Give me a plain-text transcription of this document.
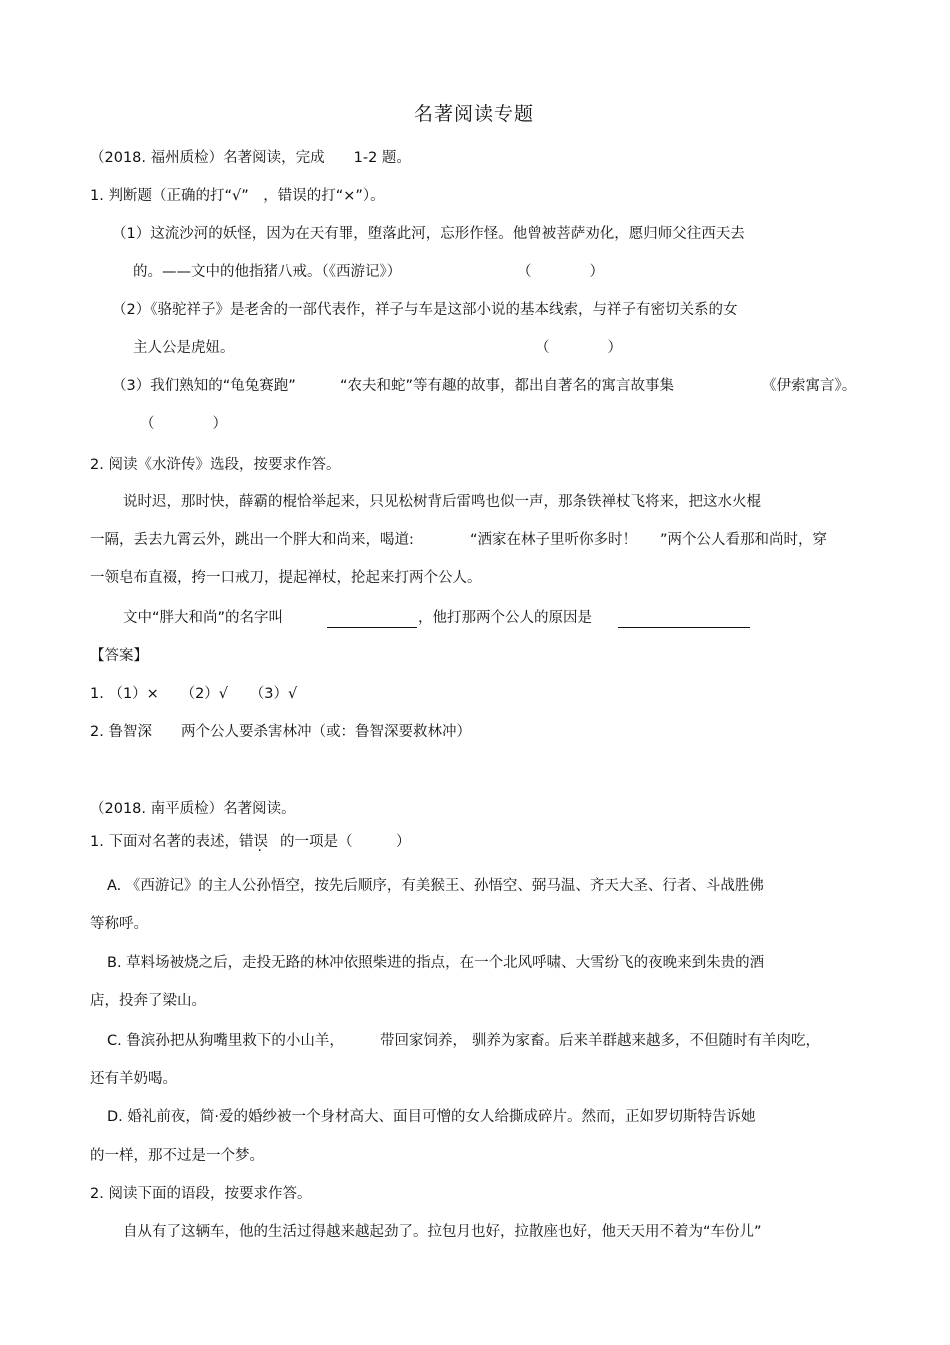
名著阅读专题
（2018. 福州质检）名著阅读，完成　　1-2 题。
1. 判断题（正确的打“√”　，错误的打“×”）。
（1）这流沙河的妖怪，因为在天有罪，堕落此河，忘形作怪。他曾被菩萨劝化，愿归师父往西天去
的。——文中的他指猪八戒。（《西游记》）	（　　　　）
（2）《骆驼祥子》是老舍的一部代表作，祥子与车是这部小说的基本线索，与祥子有密切关系的女
主人公是虎妞。	（　　　　）
（3）我们熟知的“龟兔赛跑”	“农夫和蛇”等有趣的故事，都出自著名的寓言故事集	《伊索寓言》。
（　　　　）
2. 阅读《水浒传》选段，按要求作答。
说时迟，那时快，薛霸的棍恰举起来，只见松树背后雷鸣也似一声，那条铁禅杖飞将来，把这水火棍
一隔，丢去九霄云外，跳出一个胖大和尚来，喝道:	“洒家在林子里听你多时！ ”两个公人看那和尚时，穿
一领皂布直裰，挎一口戒刀，提起禅杖，抡起来打两个公人。
文中“胖大和尚”的名字叫	，他打那两个公人的原因是
【答案】
1. （1）×　　（2）√　　（3）√
2. 鲁智深　　两个公人要杀害林冲（或：鲁智深要救林冲）
（2018. 南平质检）名著阅读。
1. 下面对名著的表述，错误 的一项是（　　　）
A. 《西游记》的主人公孙悟空，按先后顺序，有美猴王、孙悟空、弼马温、齐天大圣、行者、斗战胜佛
等称呼。
B. 草料场被烧之后，走投无路的林冲依照柴进的指点，在一个北风呼啸、大雪纷飞的夜晚来到朱贵的酒
店，投奔了梁山。
C. 鲁滨孙把从狗嘴里救下的小山羊， 带回家饲养， 驯养为家畜。后来羊群越来越多，不但随时有羊肉吃，
还有羊奶喝。
D. 婚礼前夜，简·爱的婚纱被一个身材高大、面目可憎的女人给撕成碎片。然而，正如罗切斯特告诉她
的一样，那不过是一个梦。
2. 阅读下面的语段，按要求作答。
自从有了这辆车，他的生活过得越来越起劲了。拉包月也好，拉散座也好，他天天用不着为“车份儿”
